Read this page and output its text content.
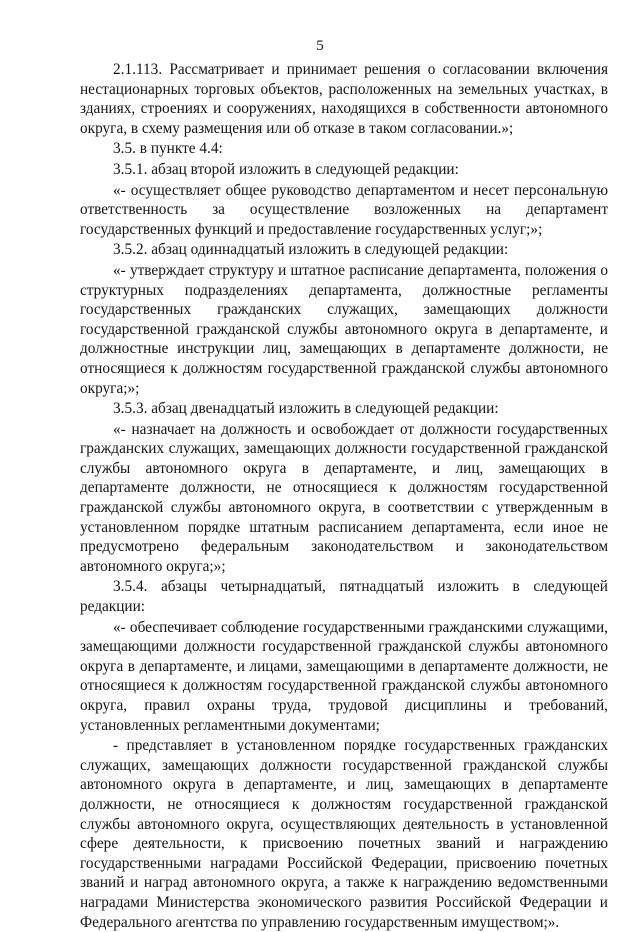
5

2.1.113. Рассматривает и принимает решения о согласовании включения нестационарных торговых объектов, расположенных на земельных участках, в зданиях, строениях и сооружениях, находящихся в собственности автономного округа, в схему размещения или об отказе в таком согласовании.»;

3.5. в пункте 4.4:

3.5.1. абзац второй изложить в следующей редакции:

«- осуществляет общее руководство департаментом и несет персональную ответственность за осуществление возложенных на департамент государственных функций и предоставление государственных услуг;»;

3.5.2. абзац одиннадцатый изложить в следующей редакции:

«- утверждает структуру и штатное расписание департамента, положения о структурных подразделениях департамента, должностные регламенты государственных гражданских служащих, замещающих должности государственной гражданской службы автономного округа в департаменте, и должностные инструкции лиц, замещающих в департаменте должности, не относящиеся к должностям государственной гражданской службы автономного округа;»;

3.5.3. абзац двенадцатый изложить в следующей редакции:

«- назначает на должность и освобождает от должности государственных гражданских служащих, замещающих должности государственной гражданской службы автономного округа в департаменте, и лиц, замещающих в департаменте должности, не относящиеся к должностям государственной гражданской службы автономного округа, в соответствии с утвержденным в установленном порядке штатным расписанием департамента, если иное не предусмотрено федеральным законодательством и законодательством автономного округа;»;

3.5.4. абзацы четырнадцатый, пятнадцатый изложить в следующей редакции:

«- обеспечивает соблюдение государственными гражданскими служащими, замещающими должности государственной гражданской службы автономного округа в департаменте, и лицами, замещающими в департаменте должности, не относящиеся к должностям государственной гражданской службы автономного округа, правил охраны труда, трудовой дисциплины и требований, установленных регламентными документами;

- представляет в установленном порядке государственных гражданских служащих, замещающих должности государственной гражданской службы автономного округа в департаменте, и лиц, замещающих в департаменте должности, не относящиеся к должностям государственной гражданской службы автономного округа, осуществляющих деятельность в установленной сфере деятельности, к присвоению почетных званий и награждению государственными наградами Российской Федерации, присвоению почетных званий и наград автономного округа, а также к награждению ведомственными наградами Министерства экономического развития Российской Федерации и Федерального агентства по управлению государственным имуществом;».
